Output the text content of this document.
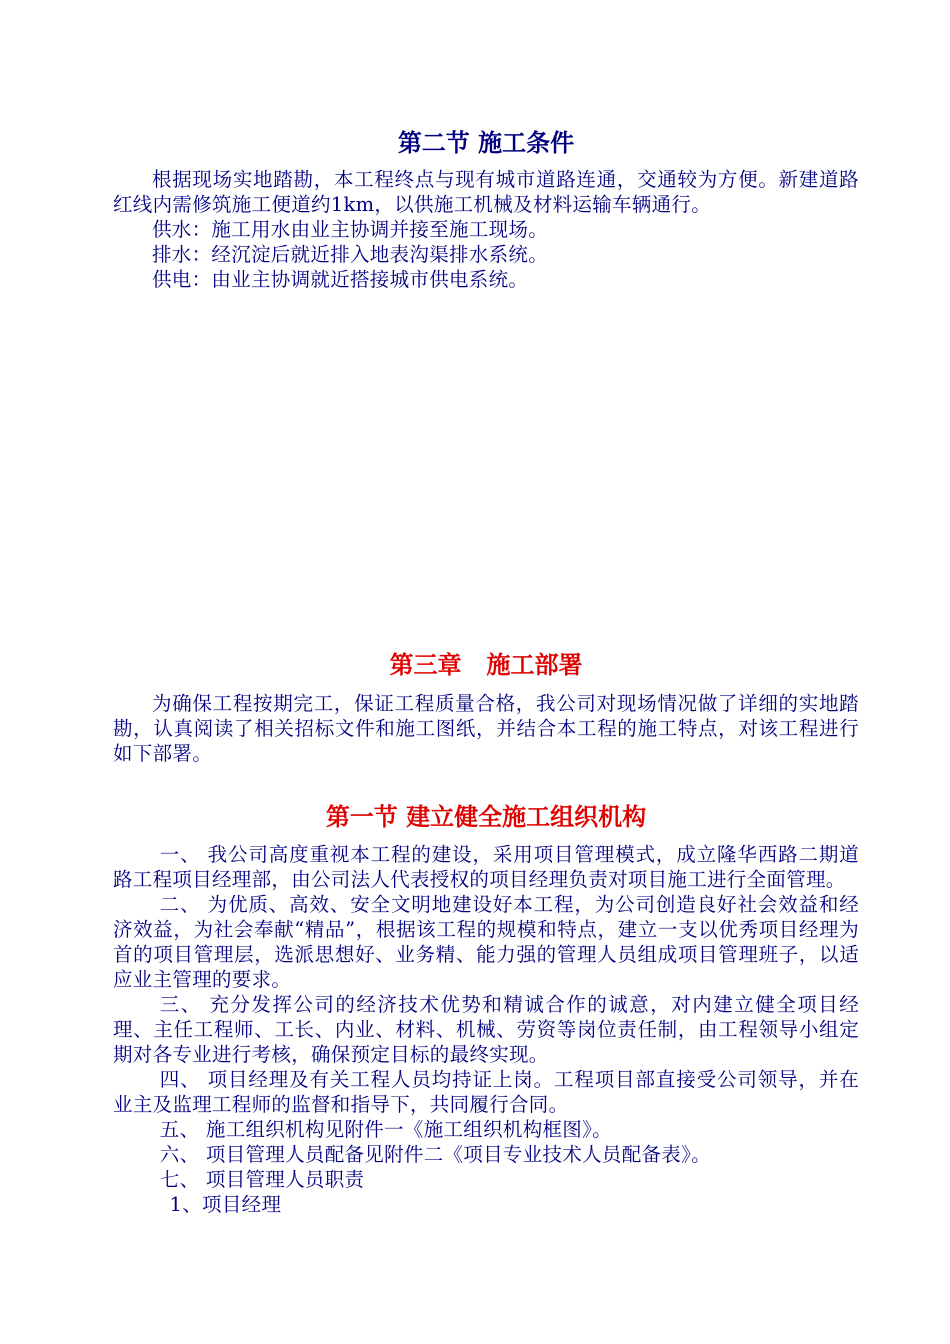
第二节 施工条件

根据现场实地踏勘，本工程终点与现有城市道路连通，交通较为方便。新建道路红线内需修筑施工便道约1km，以供施工机械及材料运输车辆通行。

供水：施工用水由业主协调并接至施工现场。

排水：经沉淀后就近排入地表沟渠排水系统。

供电：由业主协调就近搭接城市供电系统。

第三章   施工部署

为确保工程按期完工，保证工程质量合格，我公司对现场情况做了详细的实地踏勘，认真阅读了相关招标文件和施工图纸，并结合本工程的施工特点，对该工程进行如下部署。

第一节 建立健全施工组织机构

一、 我公司高度重视本工程的建设，采用项目管理模式，成立隆华西路二期道路工程项目经理部，由公司法人代表授权的项目经理负责对项目施工进行全面管理。

二、 为优质、高效、安全文明地建设好本工程，为公司创造良好社会效益和经济效益，为社会奉献“精品”，根据该工程的规模和特点，建立一支以优秀项目经理为首的项目管理层，选派思想好、业务精、能力强的管理人员组成项目管理班子，以适应业主管理的要求。

三、 充分发挥公司的经济技术优势和精诚合作的诚意，对内建立健全项目经理、主任工程师、工长、内业、材料、机械、劳资等岗位责任制，由工程领导小组定期对各专业进行考核，确保预定目标的最终实现。

四、 项目经理及有关工程人员均持证上岗。工程项目部直接受公司领导，并在业主及监理工程师的监督和指导下，共同履行合同。

五、 施工组织机构见附件一《施工组织机构框图》。

六、 项目管理人员配备见附件二《项目专业技术人员配备表》。

七、 项目管理人员职责

1、项目经理
